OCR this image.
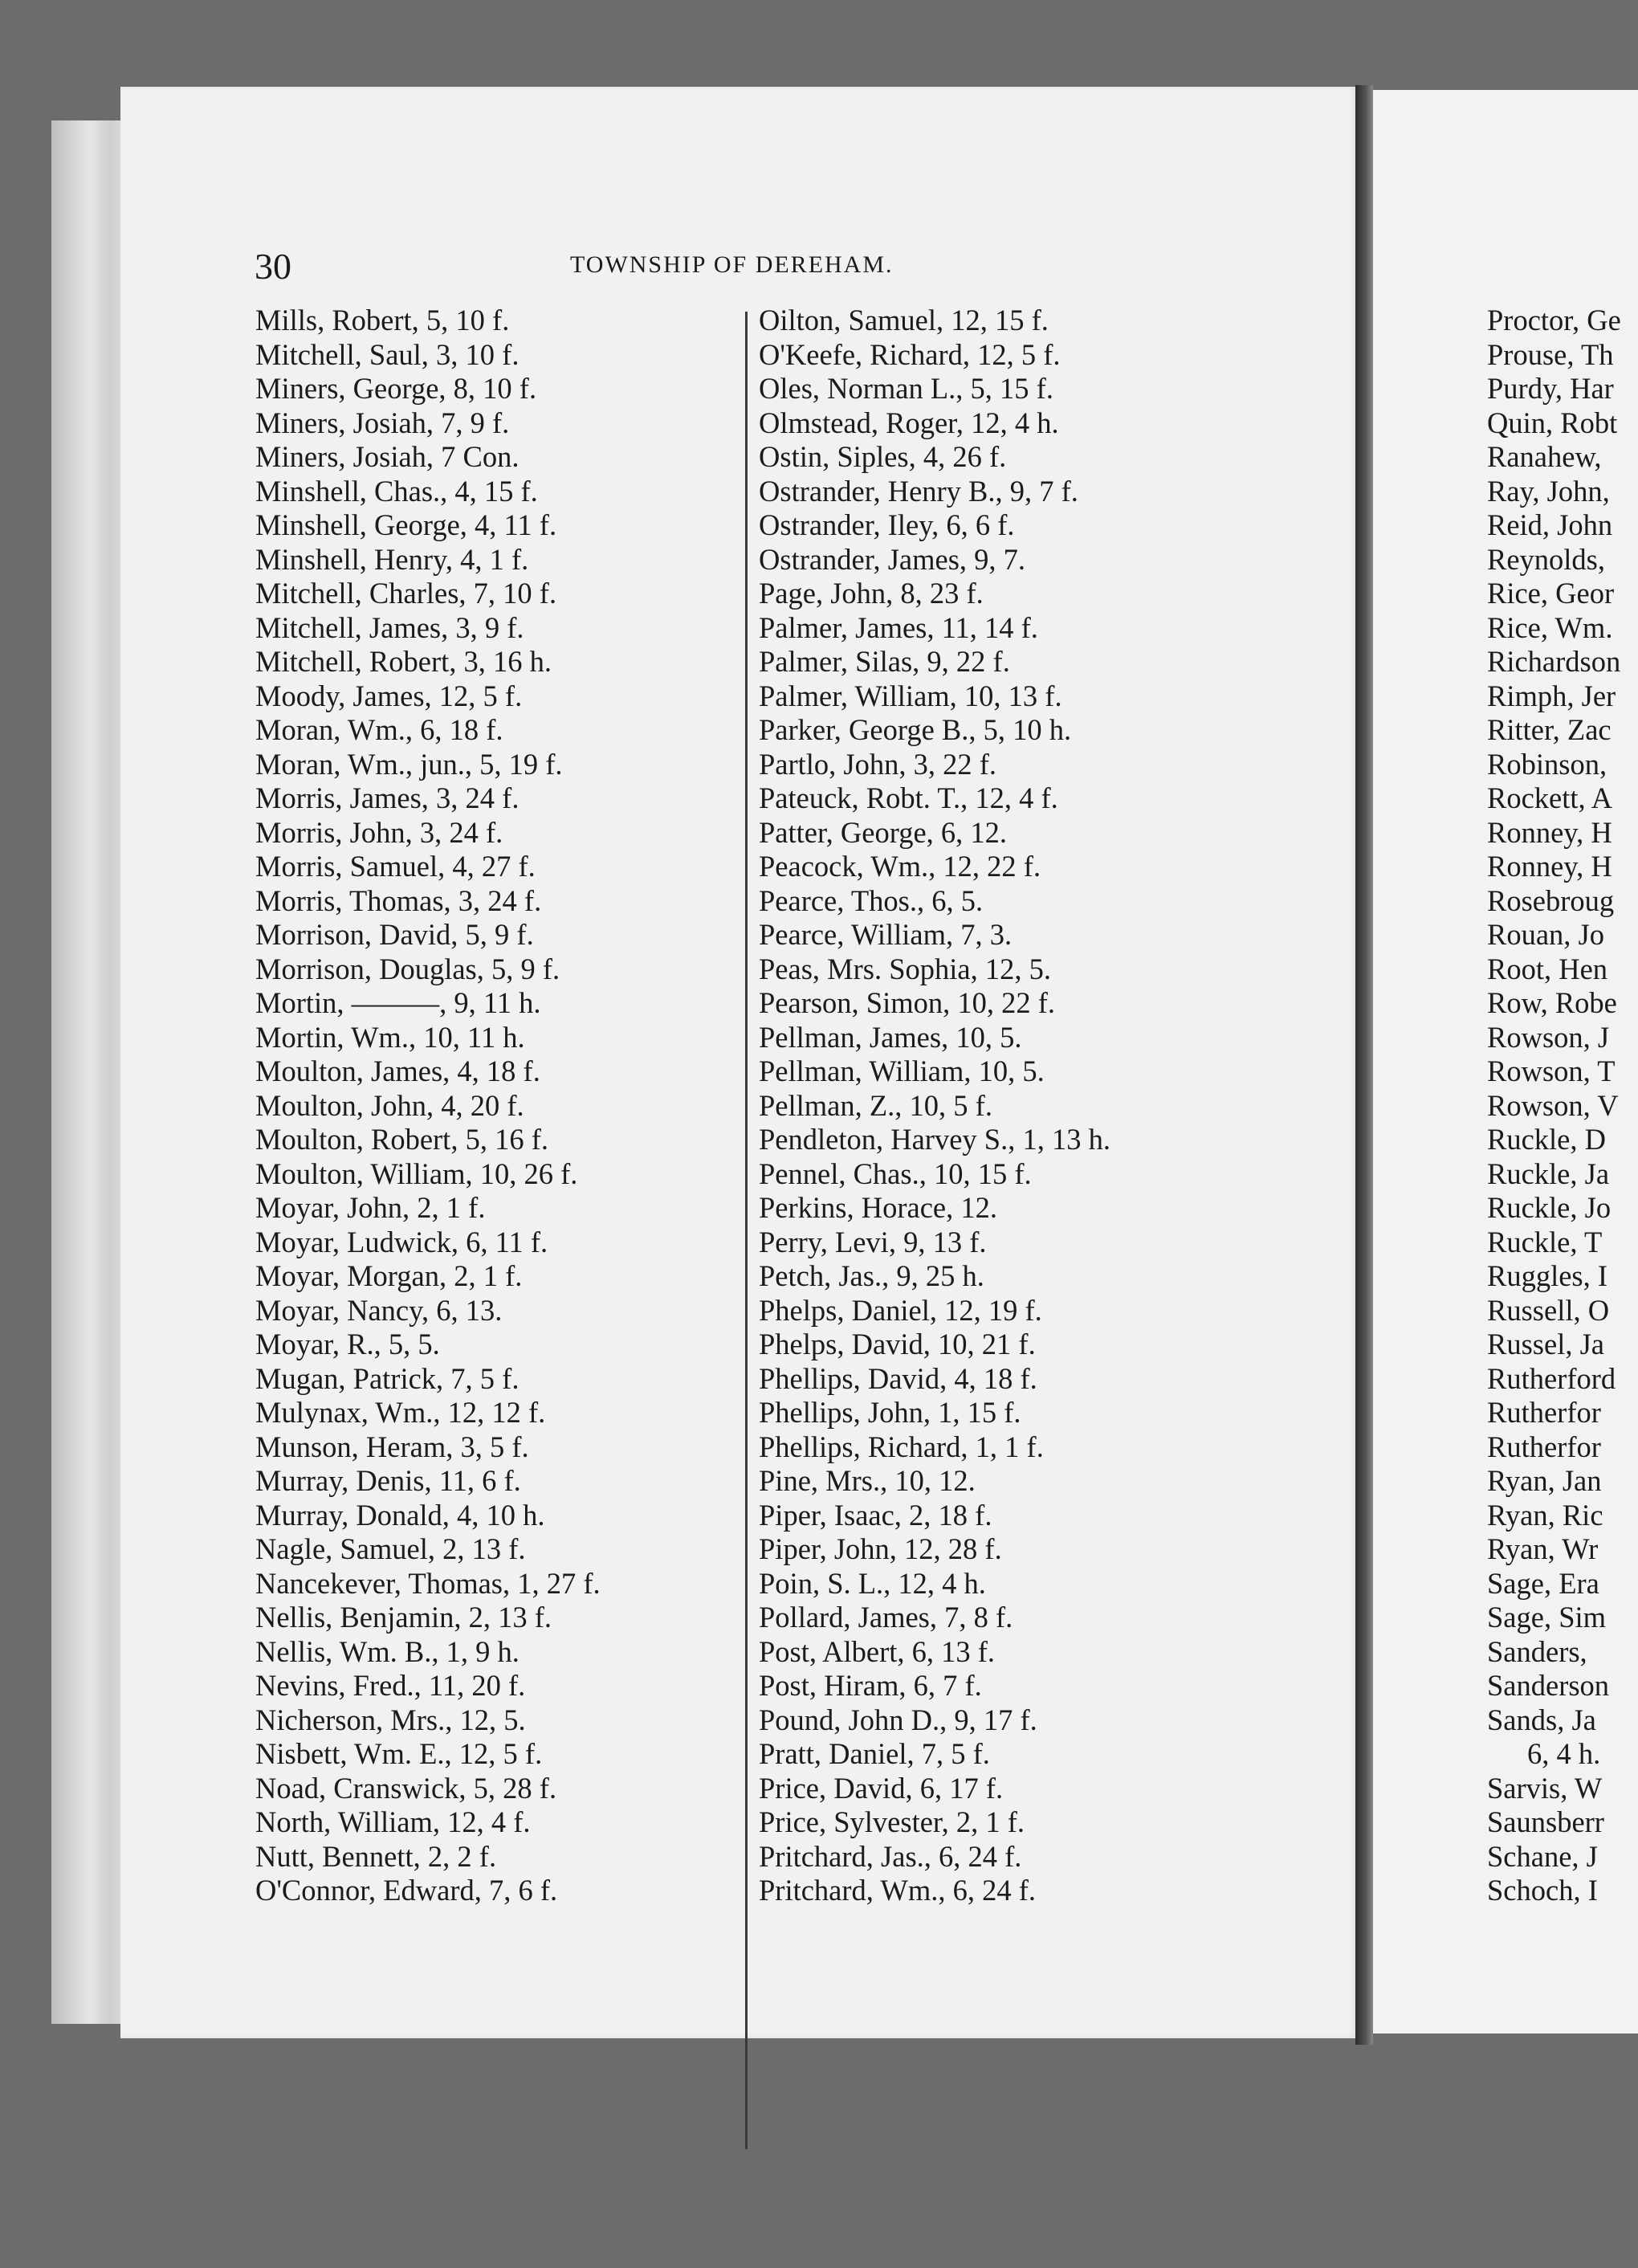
30	TOWNSHIP OF DEREHAM.
Mills, Robert, 5, 10 f.
Mitchell, Saul, 3, 10 f.
Miners, George, 8, 10 f.
Miners, Josiah, 7, 9 f.
Miners, Josiah, 7 Con.
Minshell, Chas., 4, 15 f.
Minshell, George, 4, 11 f.
Minshell, Henry, 4, 1 f.
Mitchell, Charles, 7, 10 f.
Mitchell, James, 3, 9 f.
Mitchell, Robert, 3, 16 h.
Moody, James, 12, 5 f.
Moran, Wm., 6, 18 f.
Moran, Wm., jun., 5, 19 f.
Morris, James, 3, 24 f.
Morris, John, 3, 24 f.
Morris, Samuel, 4, 27 f.
Morris, Thomas, 3, 24 f.
Morrison, David, 5, 9 f.
Morrison, Douglas, 5, 9 f.
Mortin, ———, 9, 11 h.
Mortin, Wm., 10, 11 h.
Moulton, James, 4, 18 f.
Moulton, John, 4, 20 f.
Moulton, Robert, 5, 16 f.
Moulton, William, 10, 26 f.
Moyar, John, 2, 1 f.
Moyar, Ludwick, 6, 11 f.
Moyar, Morgan, 2, 1 f.
Moyar, Nancy, 6, 13.
Moyar, R., 5, 5.
Mugan, Patrick, 7, 5 f.
Mulynax, Wm., 12, 12 f.
Munson, Heram, 3, 5 f.
Murray, Denis, 11, 6 f.
Murray, Donald, 4, 10 h.
Nagle, Samuel, 2, 13 f.
Nancekever, Thomas, 1, 27 f.
Nellis, Benjamin, 2, 13 f.
Nellis, Wm. B., 1, 9 h.
Nevins, Fred., 11, 20 f.
Nicherson, Mrs., 12, 5.
Nisbett, Wm. E., 12, 5 f.
Noad, Cranswick, 5, 28 f.
North, William, 12, 4 f.
Nutt, Bennett, 2, 2 f.
O'Connor, Edward, 7, 6 f.
Oilton, Samuel, 12, 15 f.
O'Keefe, Richard, 12, 5 f.
Oles, Norman L., 5, 15 f.
Olmstead, Roger, 12, 4 h.
Ostin, Siples, 4, 26 f.
Ostrander, Henry B., 9, 7 f.
Ostrander, Iley, 6, 6 f.
Ostrander, James, 9, 7.
Page, John, 8, 23 f.
Palmer, James, 11, 14 f.
Palmer, Silas, 9, 22 f.
Palmer, William, 10, 13 f.
Parker, George B., 5, 10 h.
Partlo, John, 3, 22 f.
Pateuck, Robt. T., 12, 4 f.
Patter, George, 6, 12.
Peacock, Wm., 12, 22 f.
Pearce, Thos., 6, 5.
Pearce, William, 7, 3.
Peas, Mrs. Sophia, 12, 5.
Pearson, Simon, 10, 22 f.
Pellman, James, 10, 5.
Pellman, William, 10, 5.
Pellman, Z., 10, 5 f.
Pendleton, Harvey S., 1, 13 h.
Pennel, Chas., 10, 15 f.
Perkins, Horace, 12.
Perry, Levi, 9, 13 f.
Petch, Jas., 9, 25 h.
Phelps, Daniel, 12, 19 f.
Phelps, David, 10, 21 f.
Phellips, David, 4, 18 f.
Phellips, John, 1, 15 f.
Phellips, Richard, 1, 1 f.
Pine, Mrs., 10, 12.
Piper, Isaac, 2, 18 f.
Piper, John, 12, 28 f.
Poin, S. L., 12, 4 h.
Pollard, James, 7, 8 f.
Post, Albert, 6, 13 f.
Post, Hiram, 6, 7 f.
Pound, John D., 9, 17 f.
Pratt, Daniel, 7, 5 f.
Price, David, 6, 17 f.
Price, Sylvester, 2, 1 f.
Pritchard, Jas., 6, 24 f.
Pritchard, Wm., 6, 24 f.
Proctor, Ge
Prouse, Th
Purdy, Har
Quin, Robt
Ranahew,
Ray, John,
Reid, John
Reynolds,
Rice, Geor
Rice, Wm.
Richardson
Rimph, Jer
Ritter, Zac
Robinson,
Rockett, A
Ronney, H
Ronney, H
Rosebroug
Rouan, Jo
Root, Hen
Row, Robe
Rowson, J
Rowson, T
Rowson, V
Ruckle, D
Ruckle, Ja
Ruckle, Jo
Ruckle, T
Ruggles, I
Russell, O
Russel, Ja
Rutherford
Rutherfor
Rutherfor
Ryan, Jan
Ryan, Ric
Ryan, Wr
Sage, Era
Sage, Sim
Sanders,
Sanderson
Sands, Ja
6, 4 h.
Sarvis, W
Saunsberr
Schane, J
Schoch, I
